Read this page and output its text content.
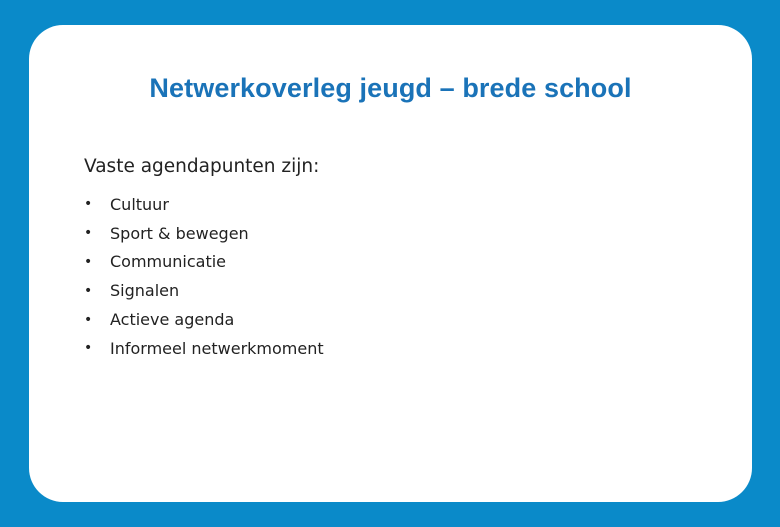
Netwerkoverleg jeugd – brede school

Vaste agendapunten zijn:

•	Cultuur
•	Sport & bewegen
•	Communicatie
•	Signalen
•	Actieve agenda
•	Informeel netwerkmoment
